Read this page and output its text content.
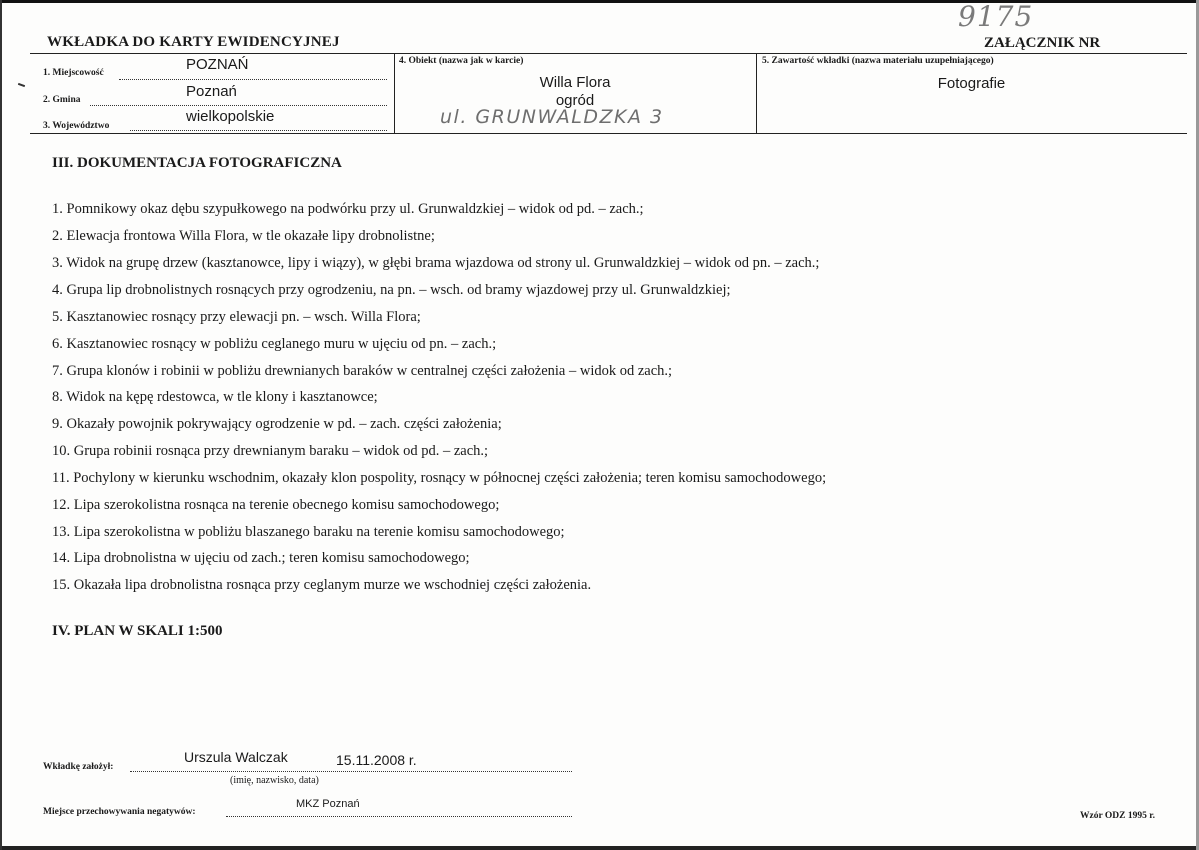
9175
WKŁADKA DO KARTY EWIDENCYJNEJ	ZAŁĄCZNIK NR
1. Miejscowość	POZNAŃ
2. Gmina	Poznań
3. Województwo
wielkopolskie
4. Obiekt (nazwa jak w karcie)
Willa Flora
ogród
ul. GRUNWALDZKA 3
5. Zawartość wkładki (nazwa materiału uzupełniającego)
Fotografie
III. DOKUMENTACJA FOTOGRAFICZNA
1. Pomnikowy okaz dębu szypułkowego na podwórku przy ul. Grunwaldzkiej – widok od pd. – zach.;
2. Elewacja frontowa Willa Flora, w tle okazałe lipy drobnolistne;
3. Widok na grupę drzew (kasztanowce, lipy i wiązy), w głębi brama wjazdowa od strony ul. Grunwaldzkiej – widok od pn. – zach.;
4. Grupa lip drobnolistnych rosnących przy ogrodzeniu, na pn. – wsch. od bramy wjazdowej przy ul. Grunwaldzkiej;
5. Kasztanowiec rosnący przy elewacji pn. – wsch. Willa Flora;
6. Kasztanowiec rosnący w pobliżu ceglanego muru w ujęciu od pn. – zach.;
7. Grupa klonów i robinii w pobliżu drewnianych baraków w centralnej części założenia – widok od zach.;
8. Widok na kępę rdestowca, w tle klony i kasztanowce;
9. Okazały powojnik pokrywający ogrodzenie w pd. – zach. części założenia;
10. Grupa robinii rosnąca przy drewnianym baraku – widok od pd. – zach.;
11. Pochylony w kierunku wschodnim, okazały klon pospolity, rosnący w północnej części założenia; teren komisu samochodowego;
12. Lipa szerokolistna rosnąca na terenie obecnego komisu samochodowego;
13. Lipa szerokolistna w pobliżu blaszanego baraku na terenie komisu samochodowego;
14. Lipa drobnolistna w ujęciu od zach.; teren komisu samochodowego;
15. Okazała lipa drobnolistna rosnąca przy ceglanym murze we wschodniej części założenia.
IV. PLAN W SKALI 1:500
Wkładkę założył:
Urszula Walczak	15.11.2008 r.
(imię, nazwisko, data)
Miejsce przechowywania negatywów:
MKZ Poznań
Wzór ODZ 1995 r.
